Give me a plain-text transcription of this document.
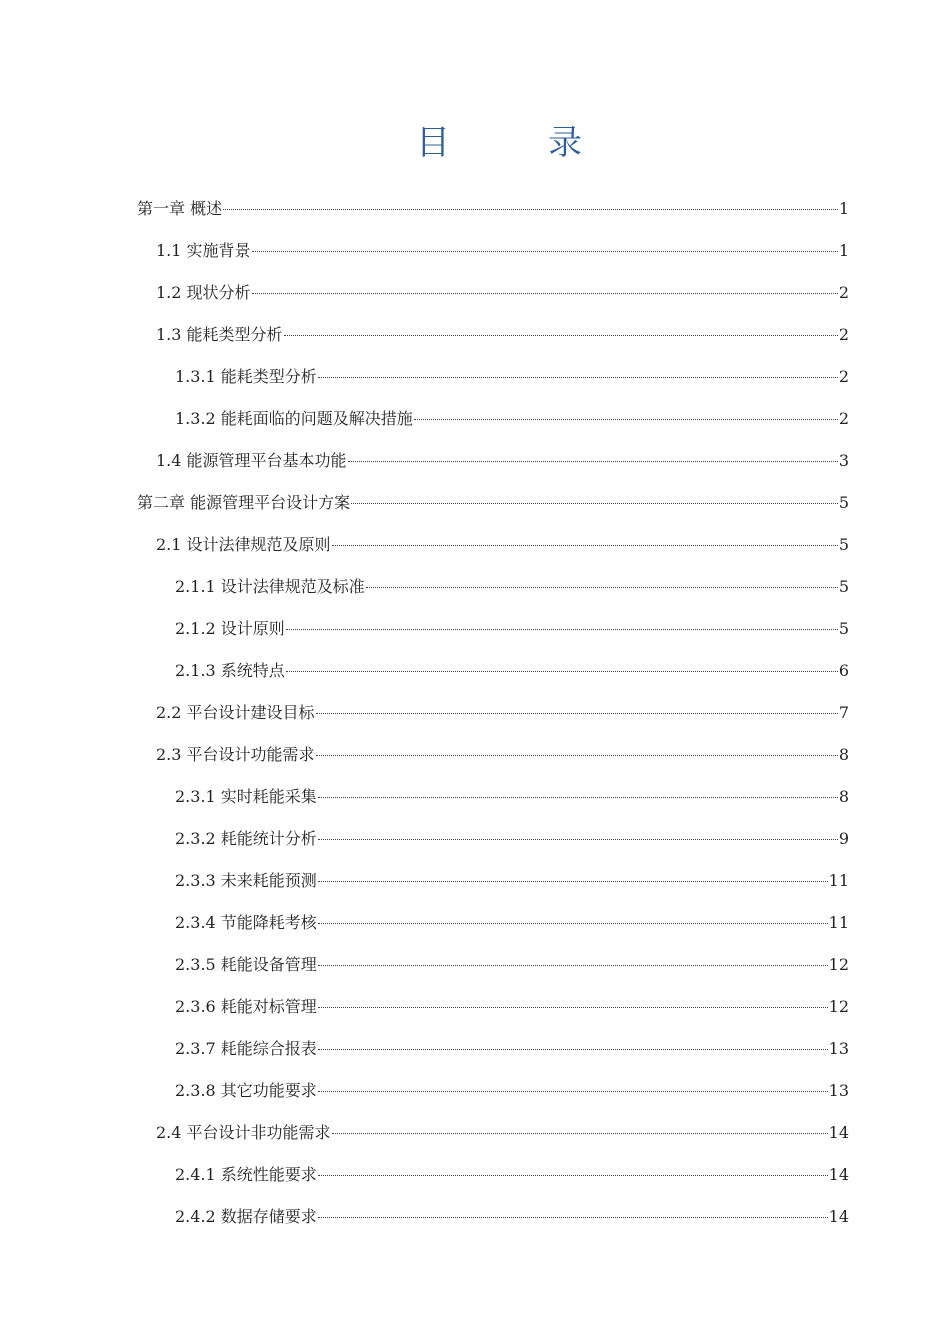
目　录
第一章 概述	1
1.1 实施背景	1
1.2 现状分析	2
1.3 能耗类型分析	2
1.3.1 能耗类型分析	2
1.3.2 能耗面临的问题及解决措施	2
1.4 能源管理平台基本功能	3
第二章 能源管理平台设计方案	5
2.1 设计法律规范及原则	5
2.1.1 设计法律规范及标准	5
2.1.2 设计原则	5
2.1.3 系统特点	6
2.2 平台设计建设目标	7
2.3 平台设计功能需求	8
2.3.1 实时耗能采集	8
2.3.2 耗能统计分析	9
2.3.3 未来耗能预测	11
2.3.4 节能降耗考核	11
2.3.5 耗能设备管理	12
2.3.6 耗能对标管理	12
2.3.7 耗能综合报表	13
2.3.8 其它功能要求	13
2.4 平台设计非功能需求	14
2.4.1 系统性能要求	14
2.4.2 数据存储要求	14
